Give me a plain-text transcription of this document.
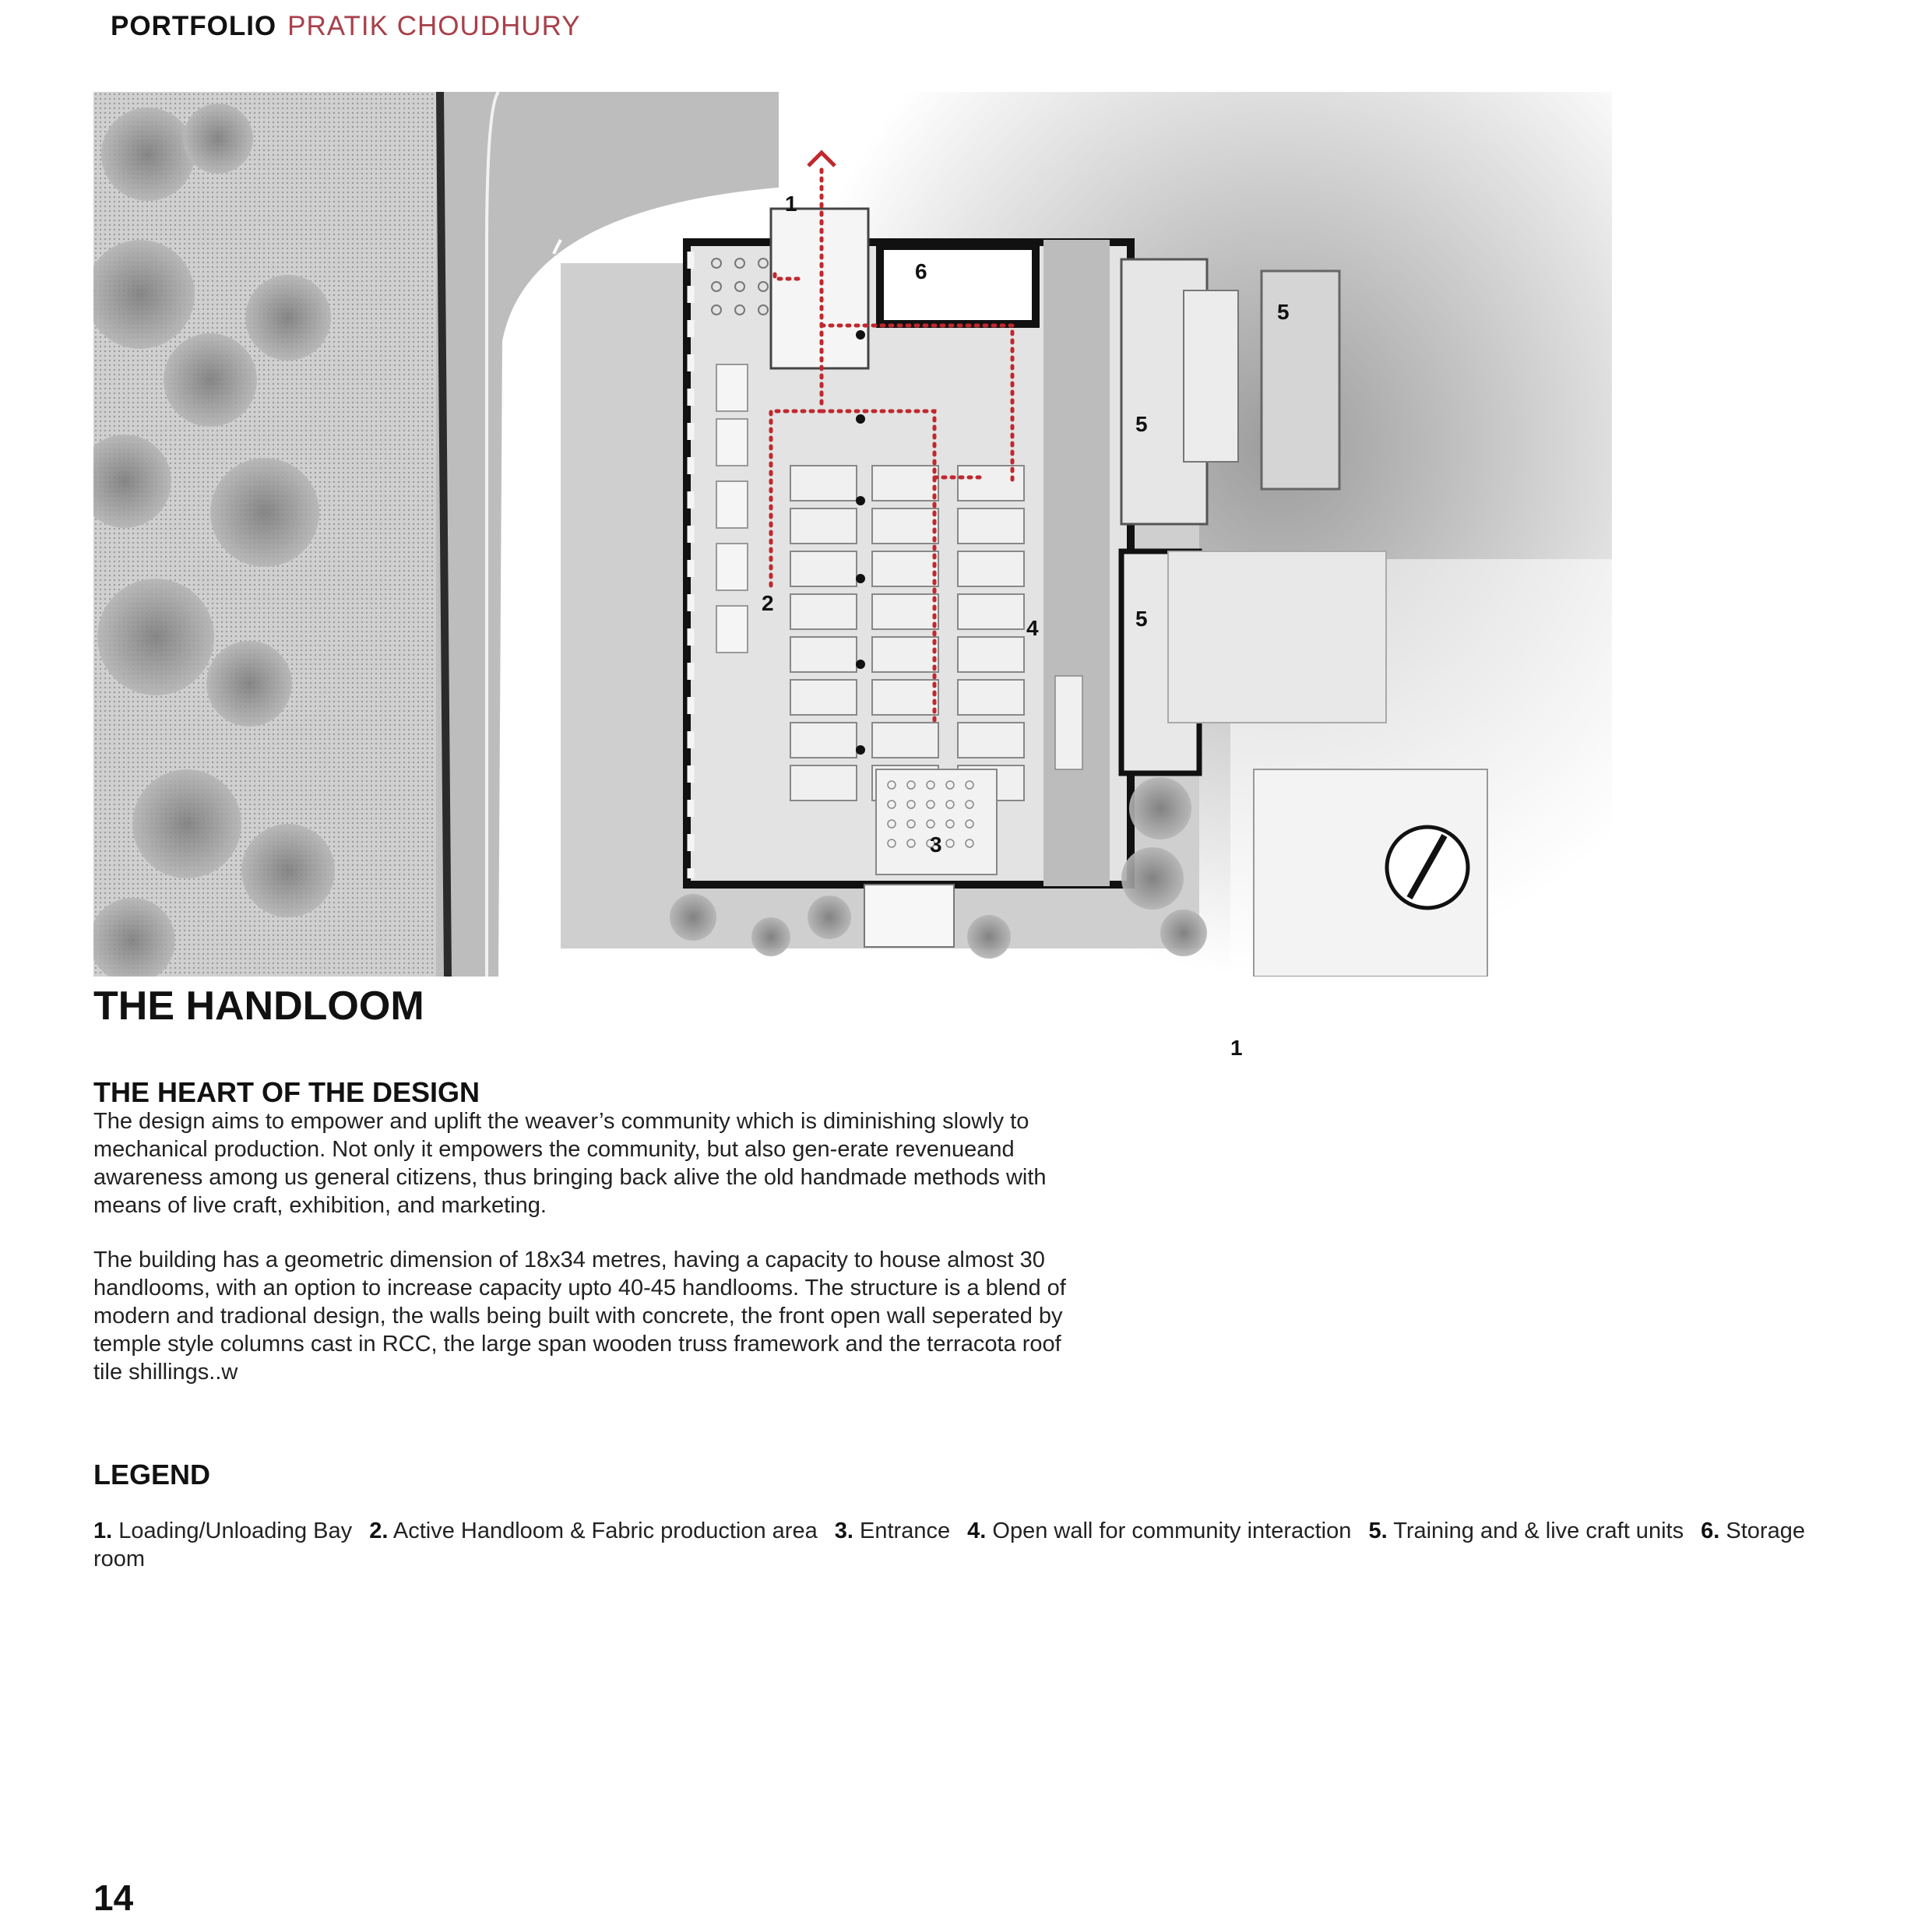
PORTFOLIO PRATIK CHOUDHURY
1
6
2
4
3
5
5
5
THE HANDLOOM
1
THE HEART OF THE DESIGN

The design aims to empower and uplift the weaver’s community which is diminishing slowly to mechanical production. Not only it empowers the community, but also gen-erate revenueand awareness among us general citizens, thus bringing back alive the old handmade methods with means of live craft, exhibition, and marketing.

The building has a geometric dimension of 18x34 metres, having a capacity to house almost 30 handlooms, with an option to increase capacity upto 40-45 handlooms. The structure is a blend of modern and tradional design, the walls being built with concrete, the front open wall seperated by temple style columns cast in RCC, the large span wooden truss framework and the terracota roof tile shillings..w

LEGEND
1. Loading/Unloading Bay 2. Active Handloom & Fabric production area 3. Entrance 4. Open wall for community interaction 5. Training and & live craft units 6. Storage room
14
